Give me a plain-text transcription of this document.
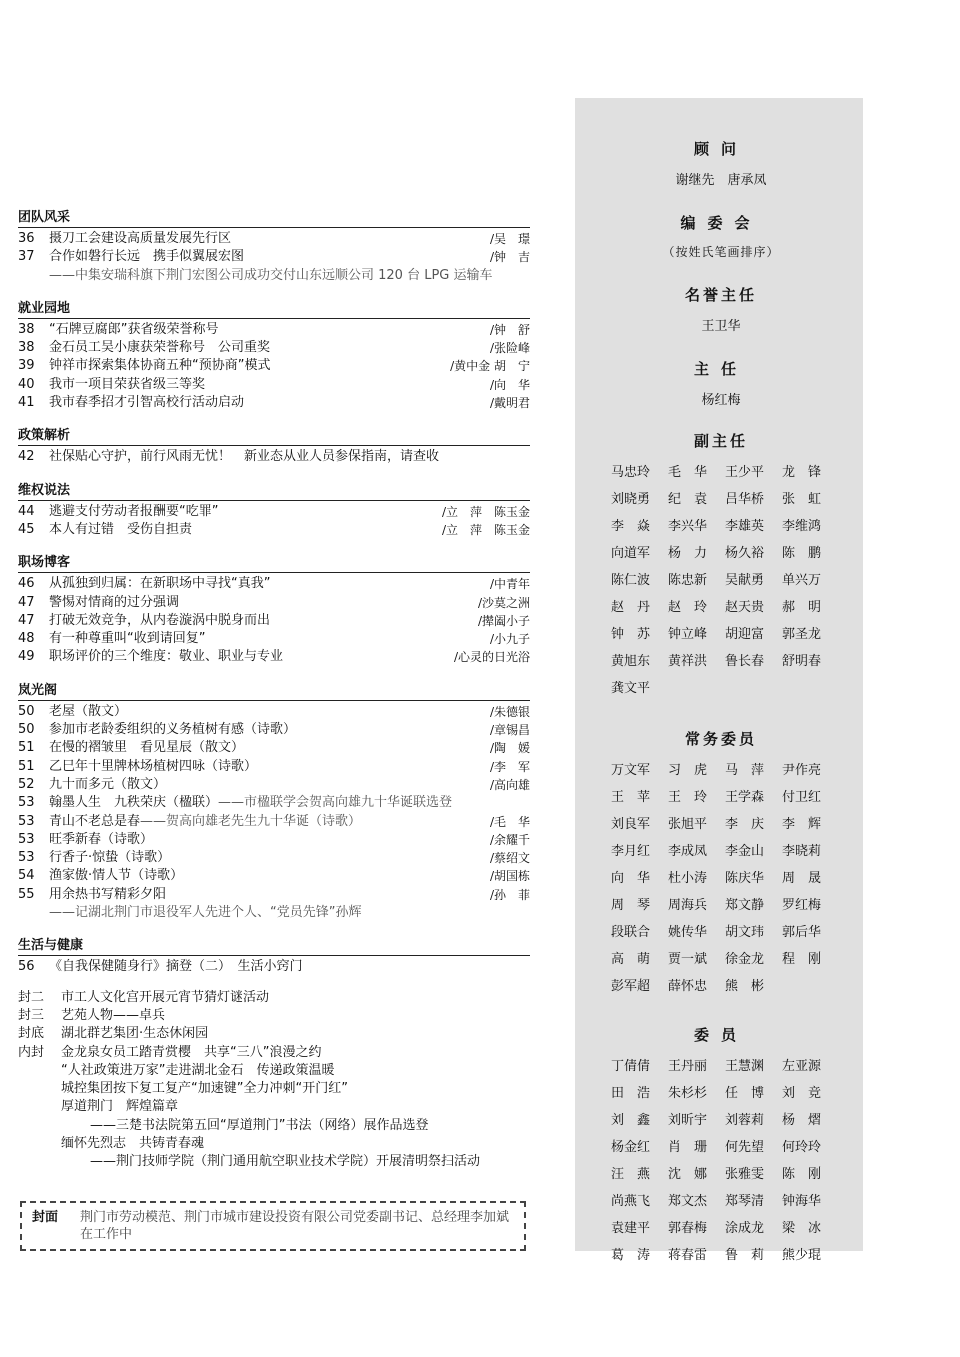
团队风采
36	摄刀工会建设高质量发展先行区	/吴　璟
37	合作如磐行长远　携手似翼展宏图	/钟　吉
——中集安瑞科旗下荆门宏图公司成功交付山东远顺公司 120 台 LPG 运输车
就业园地
38	“石牌豆腐郎”获省级荣誉称号	/钟　舒
38	金石员工吴小康获荣誉称号　公司重奖	/张险峰
39	钟祥市探索集体协商五种“预协商”模式	/黄中金 胡　宁
40	我市一项目荣获省级三等奖	/向　华
41	我市春季招才引智高校行活动启动	/戴明君
政策解析
42	社保贴心守护，前行风雨无忧！　新业态从业人员参保指南，请查收
维权说法
44	逃避支付劳动者报酬要“吃罪”	/立　萍　陈玉金
45	本人有过错　受伤自担责	/立　萍　陈玉金
职场博客
46	从孤独到归属：在新职场中寻找“真我”	/中青年
47	警惕对情商的过分强调	/沙莫之洲
47	打破无效竞争，从内卷漩涡中脱身而出	/撵阖小子
48	有一种尊重叫“收到请回复”	/小九子
49	职场评价的三个维度：敬业、职业与专业	/心灵的日光浴
岚光阁
50	老屋（散文）	/朱德银
50	参加市老龄委组织的义务植树有感（诗歌）	/章锡昌
51	在慢的褶皱里　看见星辰（散文）	/陶　媛
51	乙巳年十里牌林场植树四咏（诗歌）	/李　军
52	九十而多元（散文）	/高向雄
53	翰墨人生　九秩荣庆（楹联）——市楹联学会贺高向雄九十华诞联选登
53	青山不老总是春——贺高向雄老先生九十华诞（诗歌）	/毛　华
53	旺季新春（诗歌）	/余耀千
53	行香子·惊蛰（诗歌）	/蔡绍文
54	渔家傲·情人节（诗歌）	/胡国栋
55	用余热书写精彩夕阳	/孙　菲
——记湖北荆门市退役军人先进个人、“党员先锋”孙辉
生活与健康
56	《自我保健随身行》摘登（二）　生活小窍门
封二	市工人文化宫开展元宵节猜灯谜活动
封三	艺苑人物——卓兵
封底	湖北群艺集团·生态休闲园
内封	金龙泉女员工踏青赏樱　共享“三八”浪漫之约
“人社政策进万家”走进湖北金石　传递政策温暖
城控集团按下复工复产“加速键”全力冲刺“开门红”
厚道荆门　辉煌篇章
——三楚书法院第五回“厚道荆门”书法（网络）展作品选登
缅怀先烈志　共铸青春魂
——荆门技师学院（荆门通用航空职业技术学院）开展清明祭扫活动
封面	荆门市劳动模范、荆门市城市建设投资有限公司党委副书记、总经理李加斌在工作中
顾问
谢继先　唐承凤
编委会
（按姓氏笔画排序）
名誉主任
王卫华
主任
杨红梅
副主任
马忠玲	毛　华	王少平	龙　锋
刘晓勇	纪　袁	吕华桥	张　虹
李　焱	李兴华	李雄英	李维鸿
向道军	杨　力	杨久裕	陈　鹏
陈仁波	陈忠新	吴献勇	单兴万
赵　丹	赵　玲	赵天贵	郝　明
钟　苏	钟立峰	胡迎富	郭圣龙
黄旭东	黄祥洪	鲁长春	舒明春
龚文平
常务委员
万文军	习　虎	马　萍	尹作亮
王　苹	王　玲	王学森	付卫红
刘良军	张旭平	李　庆	李　辉
李月红	李成凤	李金山	李晓莉
向　华	杜小涛	陈庆华	周　晟
周　琴	周海兵	郑文静	罗红梅
段联合	姚传华	胡文玮	郭后华
高　萌	贾一斌	徐金龙	程　刚
彭军超	薛怀忠	熊　彬
委员
丁倩倩	王丹丽	王慧渊	左亚源
田　浩	朱杉杉	任　博	刘　竞
刘　鑫	刘昕宇	刘蓉莉	杨　熠
杨金红	肖　珊	何先望	何玲玲
汪　燕	沈　娜	张雅雯	陈　刚
尚燕飞	郑文杰	郑琴清	钟海华
袁建平	郭春梅	涂成龙	梁　冰
葛　涛	蒋春雷	鲁　莉	熊少琨
